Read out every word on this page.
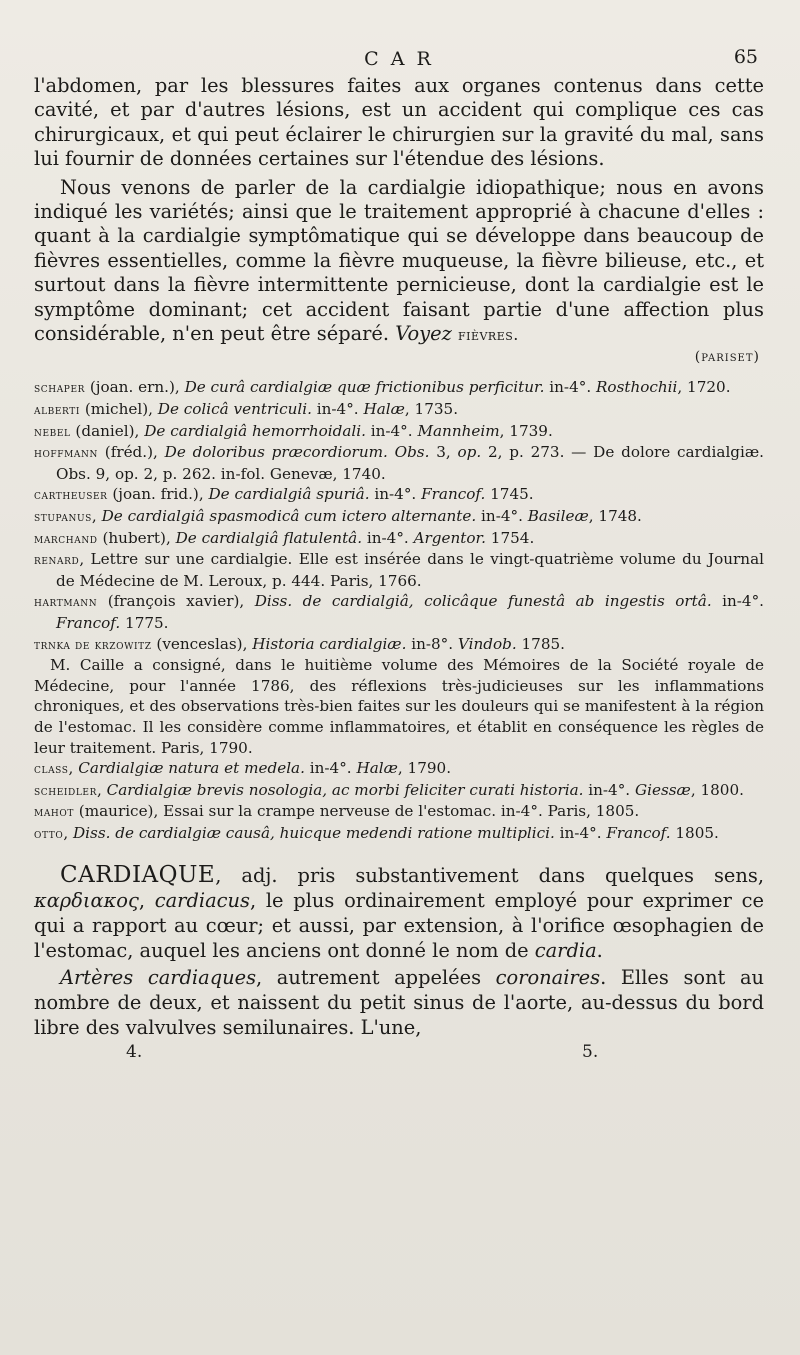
C A R	65

l'abdomen, par les blessures faites aux organes contenus dans cette cavité, et par d'autres lésions, est un accident qui complique ces cas chirurgicaux, et qui peut éclairer le chirurgien sur la gravité du mal, sans lui fournir de données certaines sur l'étendue des lésions.

Nous venons de parler de la cardialgie idiopathique; nous en avons indiqué les variétés; ainsi que le traitement approprié à chacune d'elles : quant à la cardialgie symptômatique qui se développe dans beaucoup de fièvres essentielles, comme la fièvre muqueuse, la fièvre bilieuse, etc., et surtout dans la fièvre intermittente pernicieuse, dont la cardialgie est le symptôme dominant; cet accident faisant partie d'une affection plus considérable, n'en peut être séparé. Voyez fièvres.

(pariset)

schaper (joan. ern.), De curâ cardialgiæ quæ frictionibus perficitur. in-4°. Rosthochii, 1720.

alberti (michel), De colicâ ventriculi. in-4°. Halæ, 1735.

nebel (daniel), De cardialgiâ hemorrhoidali. in-4°. Mannheim, 1739.

hoffmann (fréd.), De doloribus præcordiorum. Obs. 3, op. 2, p. 273. — De dolore cardialgiæ. Obs. 9, op. 2, p. 262. in-fol. Genevæ, 1740.

cartheuser (joan. frid.), De cardialgiâ spuriâ. in-4°. Francof. 1745.

stupanus, De cardialgiâ spasmodicâ cum ictero alternante. in-4°. Basileæ, 1748.

marchand (hubert), De cardialgiâ flatulentâ. in-4°. Argentor. 1754.

renard, Lettre sur une cardialgie. Elle est insérée dans le vingt-quatrième volume du Journal de Médecine de M. Leroux, p. 444. Paris, 1766.

hartmann (françois xavier), Diss. de cardialgiâ, colicâque funestâ ab ingestis ortâ. in-4°. Francof. 1775.

trnka de krzowitz (venceslas), Historia cardialgiæ. in-8°. Vindob. 1785.

M. Caille a consigné, dans le huitième volume des Mémoires de la Société royale de Médecine, pour l'année 1786, des réflexions très-judicieuses sur les inflammations chroniques, et des observations très-bien faites sur les douleurs qui se manifestent à la région de l'estomac. Il les considère comme inflammatoires, et établit en conséquence les règles de leur traitement. Paris, 1790.

class, Cardialgiæ natura et medela. in-4°. Halæ, 1790.

scheidler, Cardialgiæ brevis nosologia, ac morbi feliciter curati historia. in-4°. Giessæ, 1800.

mahot (maurice), Essai sur la crampe nerveuse de l'estomac. in-4°. Paris, 1805.

otto, Diss. de cardialgiæ causâ, huicque medendi ratione multiplici. in-4°. Francof. 1805.

CARDIAQUE, adj. pris substantivement dans quelques sens, καρδιακος, cardiacus, le plus ordinairement employé pour exprimer ce qui a rapport au cœur; et aussi, par extension, à l'orifice œsophagien de l'estomac, auquel les anciens ont donné le nom de cardia.

Artères cardiaques, autrement appelées coronaires. Elles sont au nombre de deux, et naissent du petit sinus de l'aorte, au-dessus du bord libre des valvulves semilunaires. L'une,

4.	5.
